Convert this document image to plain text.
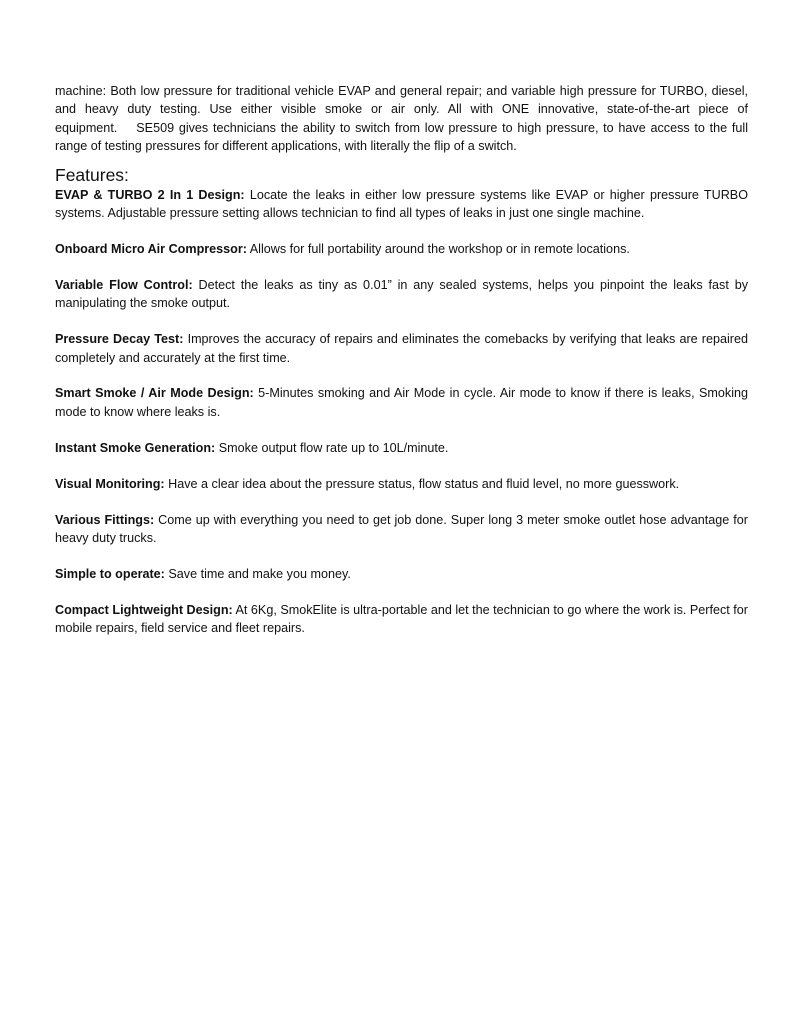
machine: Both low pressure for traditional vehicle EVAP and general repair; and variable high pressure for TURBO, diesel, and heavy duty testing. Use either visible smoke or air only. All with ONE innovative, state-of-the-art piece of equipment.    SE509 gives technicians the ability to switch from low pressure to high pressure, to have access to the full range of testing pressures for different applications, with literally the flip of a switch.

Features:

EVAP & TURBO 2 In 1 Design: Locate the leaks in either low pressure systems like EVAP or higher pressure TURBO systems. Adjustable pressure setting allows technician to find all types of leaks in just one single machine.

Onboard Micro Air Compressor: Allows for full portability around the workshop or in remote locations.

Variable Flow Control: Detect the leaks as tiny as 0.01” in any sealed systems, helps you pinpoint the leaks fast by manipulating the smoke output.

Pressure Decay Test: Improves the accuracy of repairs and eliminates the comebacks by verifying that leaks are repaired completely and accurately at the first time.

Smart Smoke / Air Mode Design: 5-Minutes smoking and Air Mode in cycle. Air mode to know if there is leaks, Smoking mode to know where leaks is.

Instant Smoke Generation: Smoke output flow rate up to 10L/minute.

Visual Monitoring: Have a clear idea about the pressure status, flow status and fluid level, no more guesswork.

Various Fittings: Come up with everything you need to get job done. Super long 3 meter smoke outlet hose advantage for heavy duty trucks.

Simple to operate: Save time and make you money.

Compact Lightweight Design: At 6Kg, SmokElite is ultra-portable and let the technician to go where the work is. Perfect for mobile repairs, field service and fleet repairs.
